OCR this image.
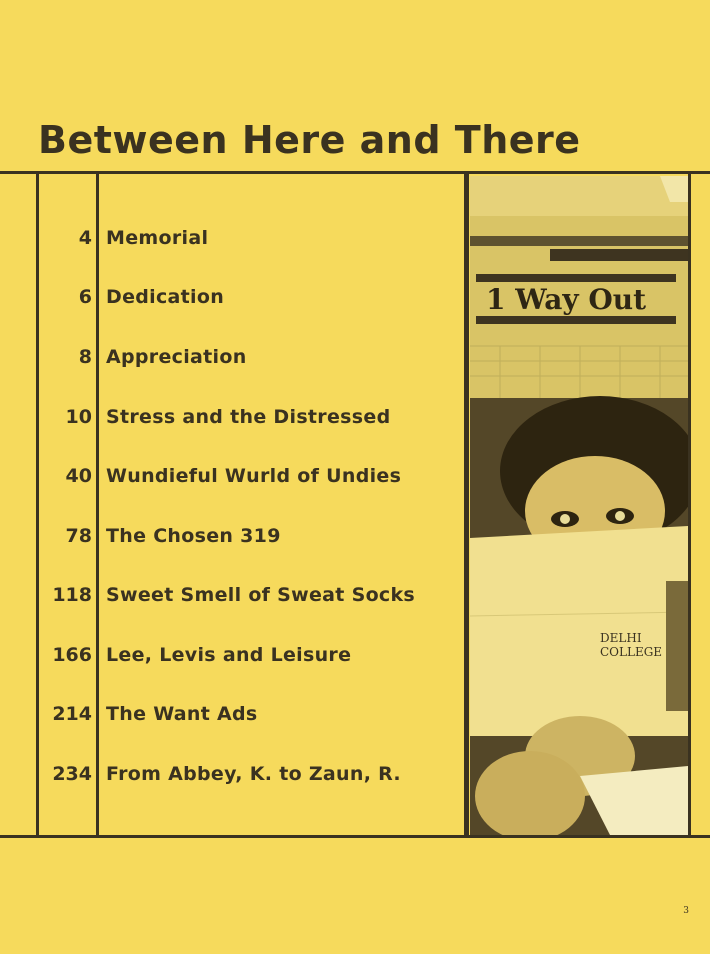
Between Here and There
4 Memorial
6 Dedication
8 Appreciation
10 Stress and the Distressed
40 Wundieful Wurld of Undies
78 The Chosen 319
118 Sweet Smell of Sweat Socks
166 Lee, Levis and Leisure
214 The Want Ads
234 From Abbey, K. to Zaun, R.
1 Way Out
DELHI
COLLEGE
3
